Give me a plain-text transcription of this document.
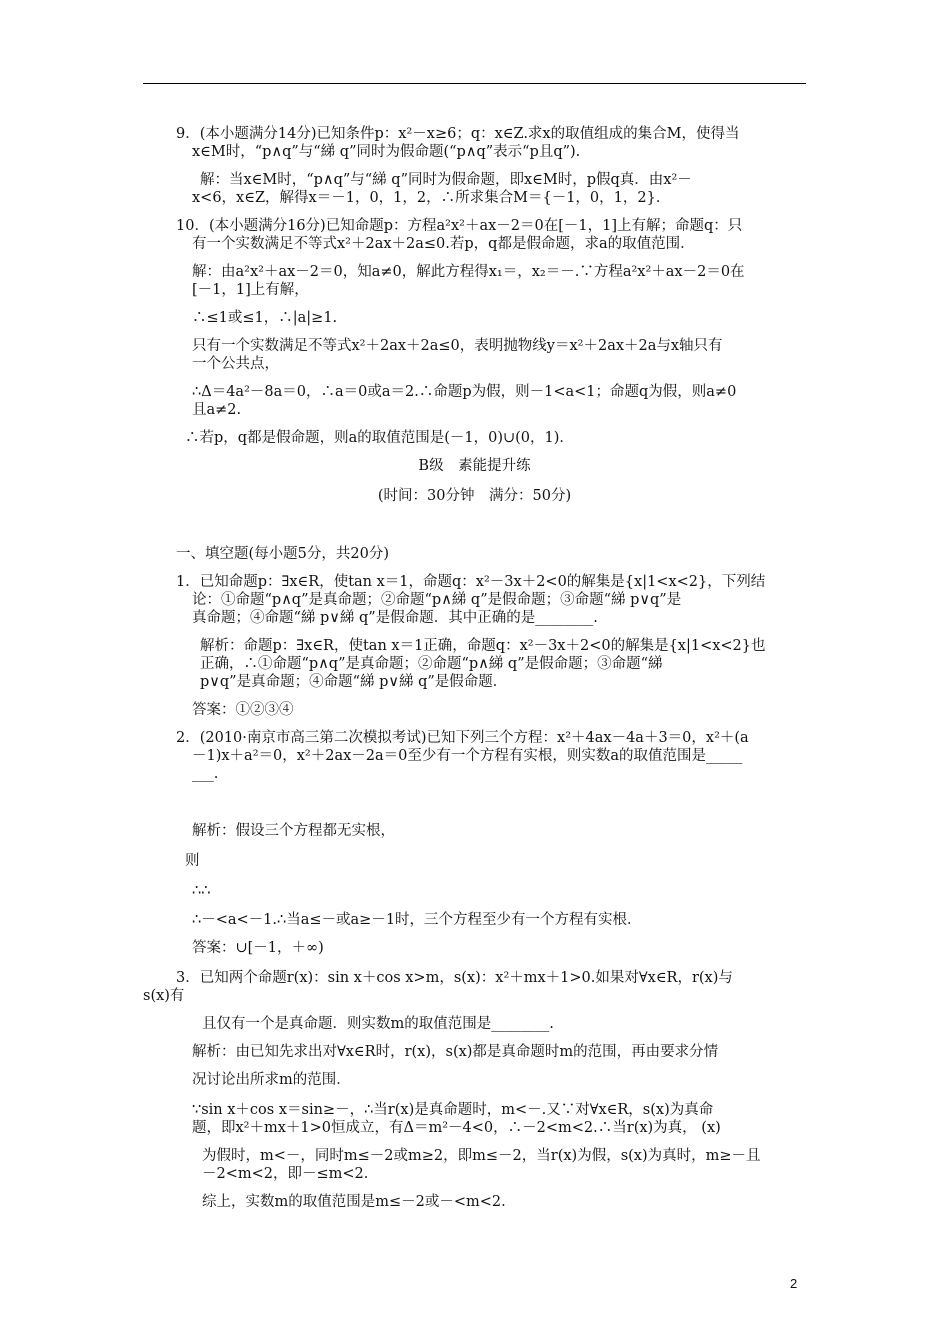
9．(本小题满分14分)已知条件p：x²－x≥6；q：x∈Z.求x的取值组成的集合M，使得当
x∈M时，“p∧q”与“綈 q”同时为假命题(“p∧q”表示“p且q”).
解：当x∈M时，“p∧q”与“綈 q”同时为假命题，即x∈M时，p假q真．由x²－
x<6，x∈Z，解得x＝－1，0，1，2，∴所求集合M＝{－1，0，1，2}．
10．(本小题满分16分)已知命题p：方程a²x²＋ax－2＝0在[－1，1]上有解；命题q：只
有一个实数满足不等式x²＋2ax＋2a≤0.若p，q都是假命题，求a的取值范围．
解：由a²x²＋ax－2＝0，知a≠0，解此方程得x₁＝，x₂＝－.∵方程a²x²＋ax－2＝0在
[－1，1]上有解，
∴≤1或≤1，∴|a|≥1.
只有一个实数满足不等式x²＋2ax＋2a≤0，表明抛物线y＝x²＋2ax＋2a与x轴只有
一个公共点，
∴Δ＝4a²－8a＝0，∴a＝0或a＝2.∴命题p为假，则－1<a<1；命题q为假，则a≠0
且a≠2.
∴若p，q都是假命题，则a的取值范围是(－1，0)∪(0，1)．
B级　素能提升练
(时间：30分钟　满分：50分)
一、填空题(每小题5分，共20分)
1．已知命题p：∃x∈R，使tan x＝1，命题q：x²－3x＋2<0的解集是{x|1<x<2}，下列结
论：①命题“p∧q”是真命题；②命题“p∧綈 q”是假命题；③命题“綈 p∨q”是
真命题；④命题“綈 p∨綈 q”是假命题．其中正确的是________.
解析：命题p：∃x∈R，使tan x＝1正确，命题q：x²－3x＋2<0的解集是{x|1<x<2}也
正确，∴①命题“p∧q”是真命题；②命题“p∧綈 q”是假命题；③命题“綈
p∨q”是真命题；④命题“綈 p∨綈 q”是假命题．
答案：①②③④
2．(2010·南京市高三第二次模拟考试)已知下列三个方程：x²＋4ax－4a＋3＝0，x²＋(a
－1)x＋a²＝0，x²＋2ax－2a＝0至少有一个方程有实根，则实数a的取值范围是_____
___.
解析：假设三个方程都无实根，
则
∴∴
∴－<a<－1.∴当a≤－或a≥－1时，三个方程至少有一个方程有实根．
答案：∪[－1，＋∞)
3．已知两个命题r(x)：sin x＋cos x>m，s(x)：x²＋mx＋1>0.如果对∀x∈R，r(x)与
s(x)有
且仅有一个是真命题．则实数m的取值范围是________.
解析：由已知先求出对∀x∈R时，r(x)，s(x)都是真命题时m的范围，再由要求分情
况讨论出所求m的范围．
∵sin x＋cos x＝sin≥－，∴当r(x)是真命题时，m<－.又∵对∀x∈R，s(x)为真命
题，即x²＋mx＋1>0恒成立，有Δ＝m²－4<0，∴－2<m<2.∴当r(x)为真， (x)
为假时，m<－，同时m≤－2或m≥2，即m≤－2，当r(x)为假，s(x)为真时，m≥－且
－2<m<2，即－≤m<2.
综上，实数m的取值范围是m≤－2或－<m<2.
2
